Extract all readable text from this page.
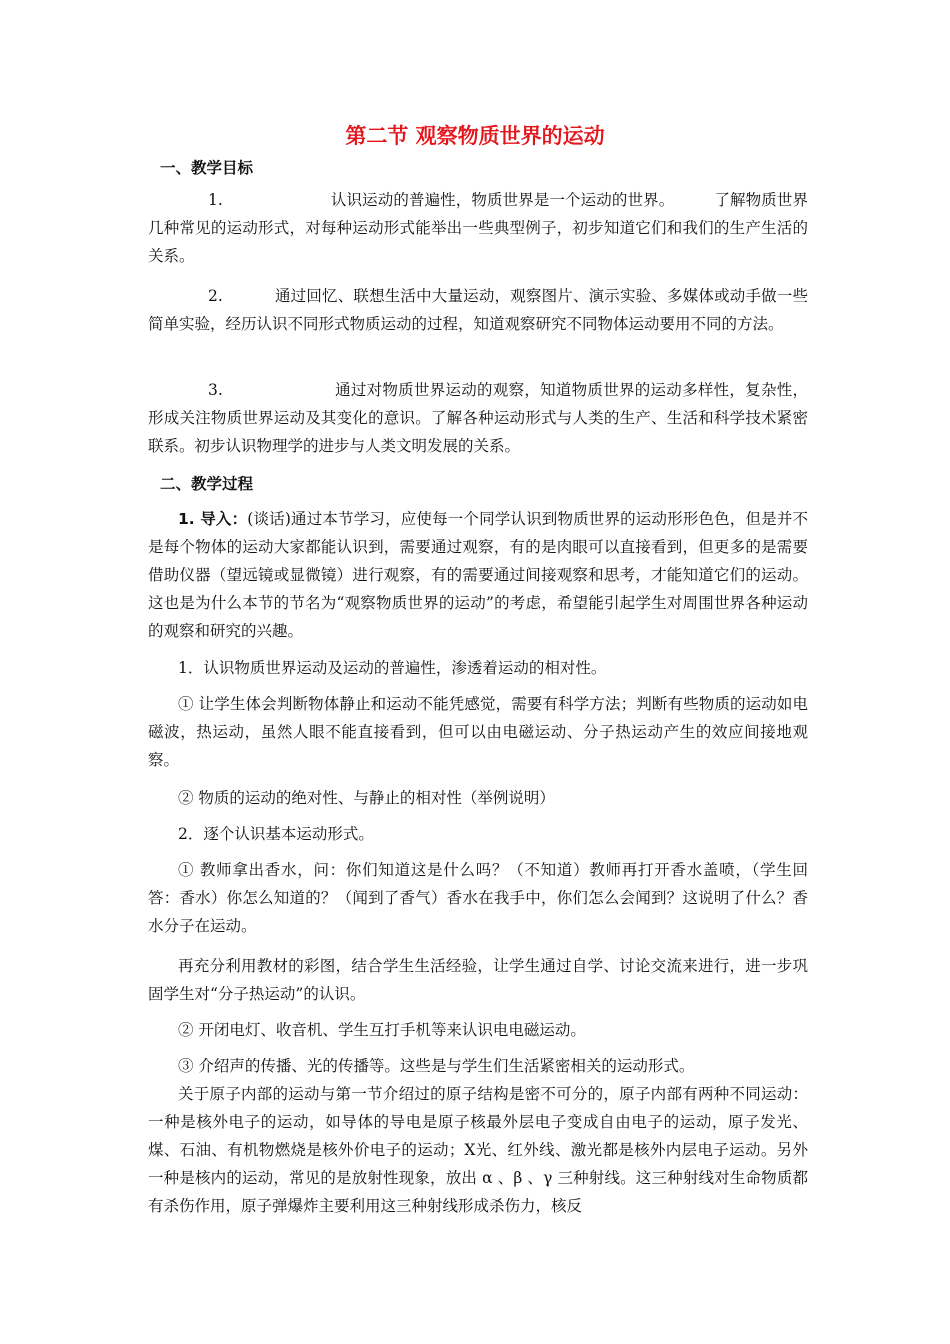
第二节 观察物质世界的运动
一、教学目标
1.	认识运动的普遍性，物质世界是一个运动的世界。	了解物质世界几种常见的运动形式，对每种运动形式能举出一些典型例子，初步知道它们和我们的生产生活的关系。
2.	通过回忆、联想生活中大量运动，观察图片、演示实验、多媒体或动手做一些简单实验，经历认识不同形式物质运动的过程，知道观察研究不同物体运动要用不同的方法。
3.	通过对物质世界运动的观察，知道物质世界的运动多样性，复杂性，形成关注物质世界运动及其变化的意识。了解各种运动形式与人类的生产、生活和科学技术紧密联系。初步认识物理学的进步与人类文明发展的关系。
二、教学过程
1. 导入：(谈话)通过本节学习，应使每一个同学认识到物质世界的运动形形色色，但是并不是每个物体的运动大家都能认识到，需要通过观察，有的是肉眼可以直接看到，但更多的是需要借助仪器（望远镜或显微镜）进行观察，有的需要通过间接观察和思考，才能知道它们的运动。这也是为什么本节的节名为“观察物质世界的运动”的考虑，希望能引起学生对周围世界各种运动的观察和研究的兴趣。
1．认识物质世界运动及运动的普遍性，渗透着运动的相对性。
① 让学生体会判断物体静止和运动不能凭感觉，需要有科学方法；判断有些物质的运动如电磁波，热运动，虽然人眼不能直接看到，但可以由电磁运动、分子热运动产生的效应间接地观察。
② 物质的运动的绝对性、与静止的相对性（举例说明）
2．逐个认识基本运动形式。
① 教师拿出香水，问：你们知道这是什么吗？（不知道）教师再打开香水盖喷，（学生回答：香水）你怎么知道的？（闻到了香气）香水在我手中，你们怎么会闻到？这说明了什么？香水分子在运动。
再充分利用教材的彩图，结合学生生活经验，让学生通过自学、讨论交流来进行，进一步巩固学生对“分子热运动”的认识。
② 开闭电灯、收音机、学生互打手机等来认识电电磁运动。
③ 介绍声的传播、光的传播等。这些是与学生们生活紧密相关的运动形式。
关于原子内部的运动与第一节介绍过的原子结构是密不可分的，原子内部有两种不同运动：一种是核外电子的运动，如导体的导电是原子核最外层电子变成自由电子的运动，原子发光、煤、石油、有机物燃烧是核外价电子的运动；X光、红外线、激光都是核外内层电子运动。另外一种是核内的运动，常见的是放射性现象，放出 α 、β 、γ 三种射线。这三种射线对生命物质都有杀伤作用，原子弹爆炸主要利用这三种射线形成杀伤力，核反
